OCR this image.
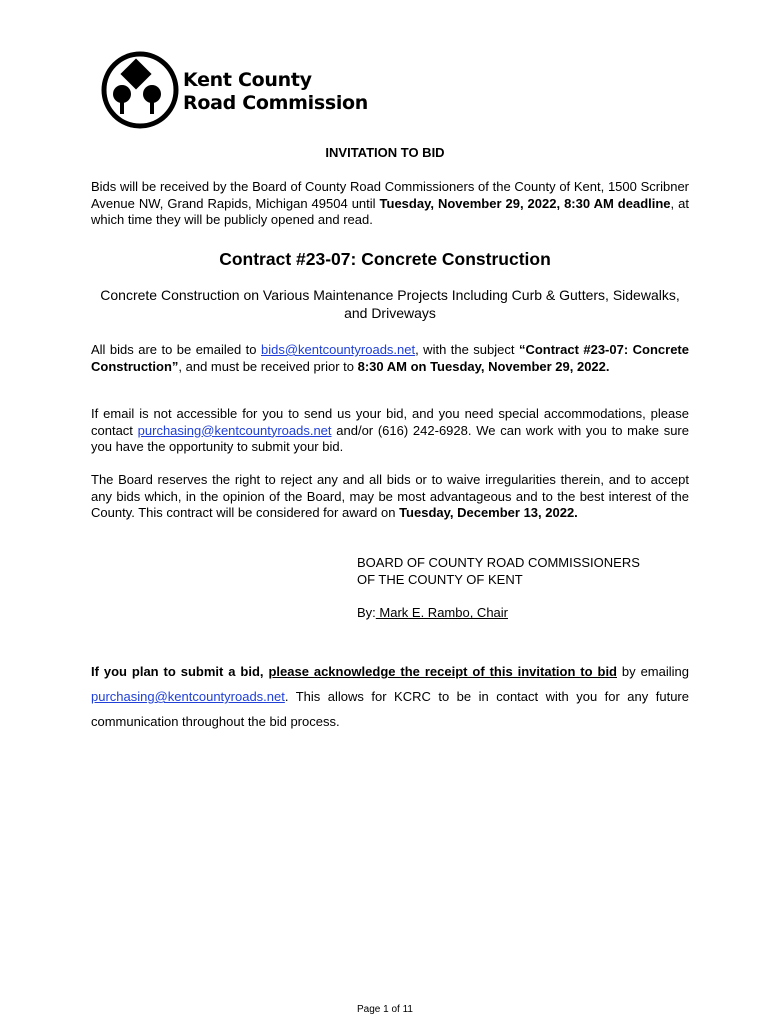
Kent County
Road Commission
INVITATION TO BID
Bids will be received by the Board of County Road Commissioners of the County of Kent, 1500 Scribner Avenue NW, Grand Rapids, Michigan 49504 until Tuesday, November 29, 2022, 8:30 AM deadline, at which time they will be publicly opened and read.
Contract #23-07: Concrete Construction
Concrete Construction on Various Maintenance Projects Including Curb & Gutters, Sidewalks, and Driveways
All bids are to be emailed to bids@kentcountyroads.net, with the subject “Contract #23-07: Concrete Construction”, and must be received prior to 8:30 AM on Tuesday, November 29, 2022.
If email is not accessible for you to send us your bid, and you need special accommodations, please contact purchasing@kentcountyroads.net and/or (616) 242-6928. We can work with you to make sure you have the opportunity to submit your bid.
The Board reserves the right to reject any and all bids or to waive irregularities therein, and to accept any bids which, in the opinion of the Board, may be most advantageous and to the best interest of the County. This contract will be considered for award on Tuesday, December 13, 2022.
BOARD OF COUNTY ROAD COMMISSIONERS
OF THE COUNTY OF KENT
By: Mark E. Rambo, Chair
If you plan to submit a bid, please acknowledge the receipt of this invitation to bid by emailing purchasing@kentcountyroads.net. This allows for KCRC to be in contact with you for any future communication throughout the bid process.
Page 1 of 11
